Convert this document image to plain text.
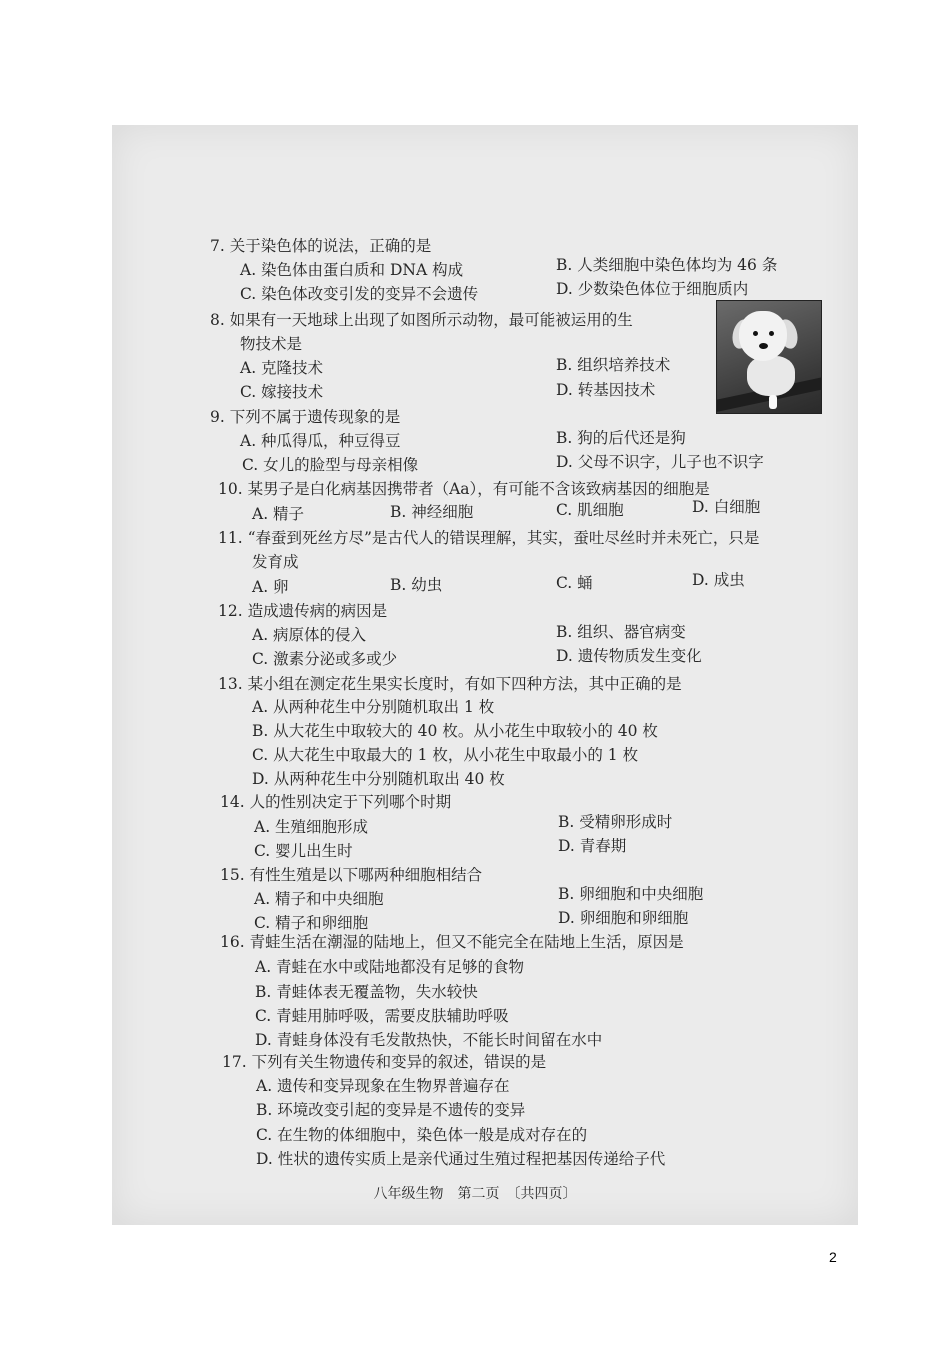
7. 关于染色体的说法，正确的是
A. 染色体由蛋白质和 DNA 构成	B. 人类细胞中染色体均为 46 条
C. 染色体改变引发的变异不会遗传	D. 少数染色体位于细胞质内
8. 如果有一天地球上出现了如图所示动物，最可能被运用的生
物技术是
A. 克隆技术	B. 组织培养技术
C. 嫁接技术	D. 转基因技术
9. 下列不属于遗传现象的是
A. 种瓜得瓜，种豆得豆	B. 狗的后代还是狗
C. 女儿的脸型与母亲相像	D. 父母不识字，儿子也不识字
10. 某男子是白化病基因携带者（Aa），有可能不含该致病基因的细胞是
A. 精子	B. 神经细胞	C. 肌细胞	D. 白细胞
11. “春蚕到死丝方尽”是古代人的错误理解，其实，蚕吐尽丝时并未死亡，只是
发育成
A. 卵	B. 幼虫	C. 蛹	D. 成虫
12. 造成遗传病的病因是
A. 病原体的侵入	B. 组织、器官病变
C. 激素分泌或多或少	D. 遗传物质发生变化
13. 某小组在测定花生果实长度时，有如下四种方法，其中正确的是
A. 从两种花生中分别随机取出 1 枚
B. 从大花生中取较大的 40 枚。从小花生中取较小的 40 枚
C. 从大花生中取最大的 1 枚，从小花生中取最小的 1 枚
D. 从两种花生中分别随机取出 40 枚
14. 人的性别决定于下列哪个时期
A. 生殖细胞形成	B. 受精卵形成时
C. 婴儿出生时	D. 青春期
15. 有性生殖是以下哪两种细胞相结合
A. 精子和中央细胞	B. 卵细胞和中央细胞
C. 精子和卵细胞	D. 卵细胞和卵细胞
16. 青蛙生活在潮湿的陆地上，但又不能完全在陆地上生活，原因是
A. 青蛙在水中或陆地都没有足够的食物
B. 青蛙体表无覆盖物，失水较快
C. 青蛙用肺呼吸，需要皮肤辅助呼吸
D. 青蛙身体没有毛发散热快，不能长时间留在水中
17. 下列有关生物遗传和变异的叙述，错误的是
A. 遗传和变异现象在生物界普遍存在
B. 环境改变引起的变异是不遗传的变异
C. 在生物的体细胞中，染色体一般是成对存在的
D. 性状的遗传实质上是亲代通过生殖过程把基因传递给子代
八年级生物　第二页　〔共四页〕
2
